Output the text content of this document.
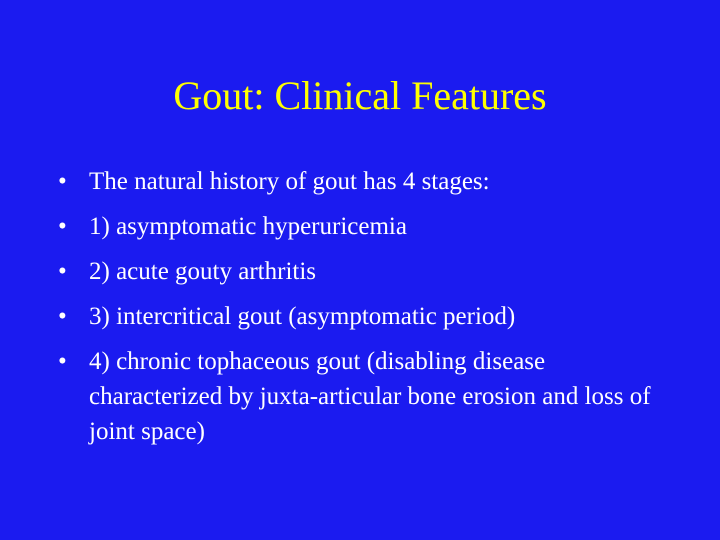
Gout: Clinical Features
• The natural history of gout has 4 stages:
• 1) asymptomatic hyperuricemia
• 2) acute gouty arthritis
• 3) intercritical gout (asymptomatic period)
• 4) chronic tophaceous gout (disabling disease characterized by juxta-articular bone erosion and loss of joint space)
